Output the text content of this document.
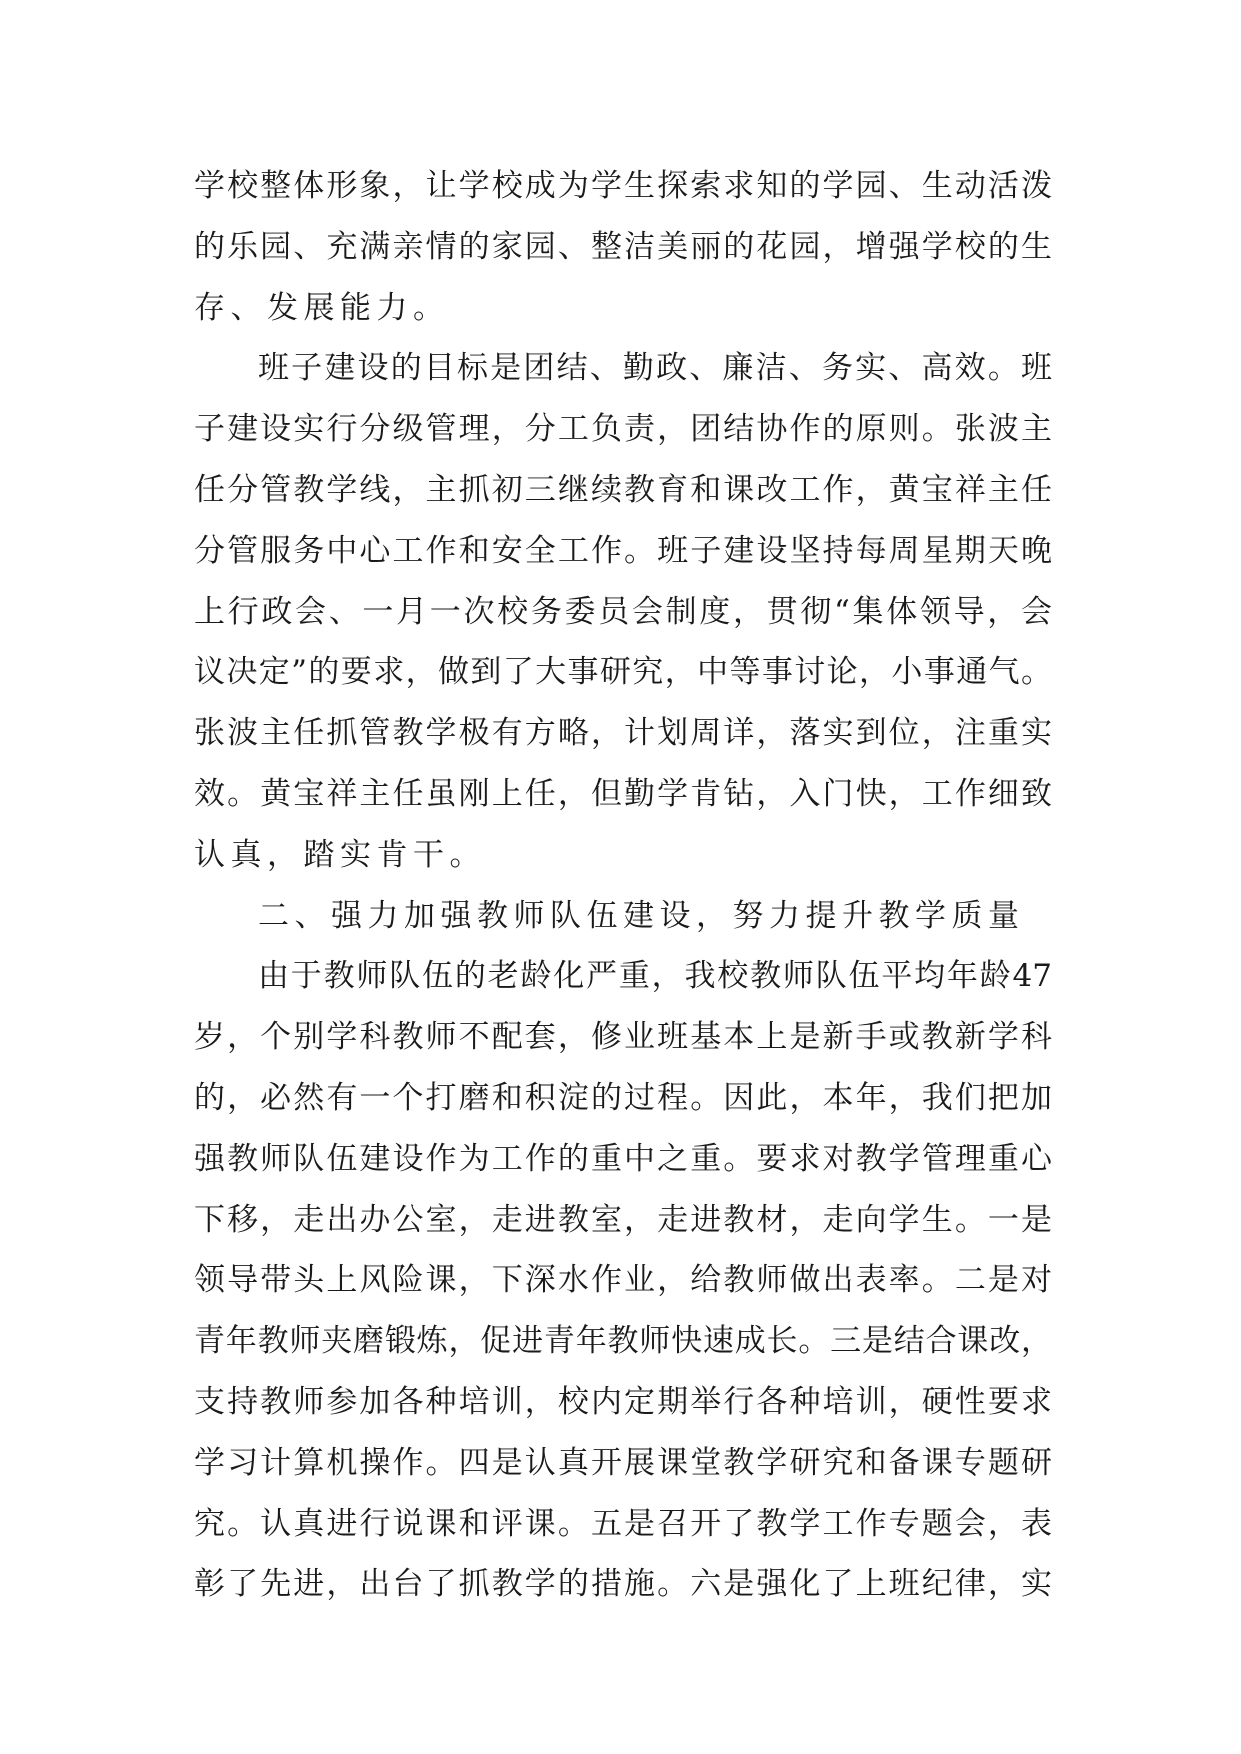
学校整体形象，让学校成为学生探索求知的学园、生动活泼
的乐园、充满亲情的家园、整洁美丽的花园，增强学校的生
存、发展能力。
班子建设的目标是团结、勤政、廉洁、务实、高效。班
子建设实行分级管理，分工负责，团结协作的原则。张波主
任分管教学线，主抓初三继续教育和课改工作，黄宝祥主任
分管服务中心工作和安全工作。班子建设坚持每周星期天晚
上行政会、一月一次校务委员会制度，贯彻“集体领导，会
议决定”的要求，做到了大事研究，中等事讨论，小事通气。
张波主任抓管教学极有方略，计划周详，落实到位，注重实
效。黄宝祥主任虽刚上任，但勤学肯钻，入门快，工作细致
认真，踏实肯干。
二、强力加强教师队伍建设，努力提升教学质量
由于教师队伍的老龄化严重，我校教师队伍平均年龄47
岁，个别学科教师不配套，修业班基本上是新手或教新学科
的，必然有一个打磨和积淀的过程。因此，本年，我们把加
强教师队伍建设作为工作的重中之重。要求对教学管理重心
下移，走出办公室，走进教室，走进教材，走向学生。一是
领导带头上风险课，下深水作业，给教师做出表率。二是对
青年教师夹磨锻炼，促进青年教师快速成长。三是结合课改，
支持教师参加各种培训，校内定期举行各种培训，硬性要求
学习计算机操作。四是认真开展课堂教学研究和备课专题研
究。认真进行说课和评课。五是召开了教学工作专题会，表
彰了先进，出台了抓教学的措施。六是强化了上班纪律，实
